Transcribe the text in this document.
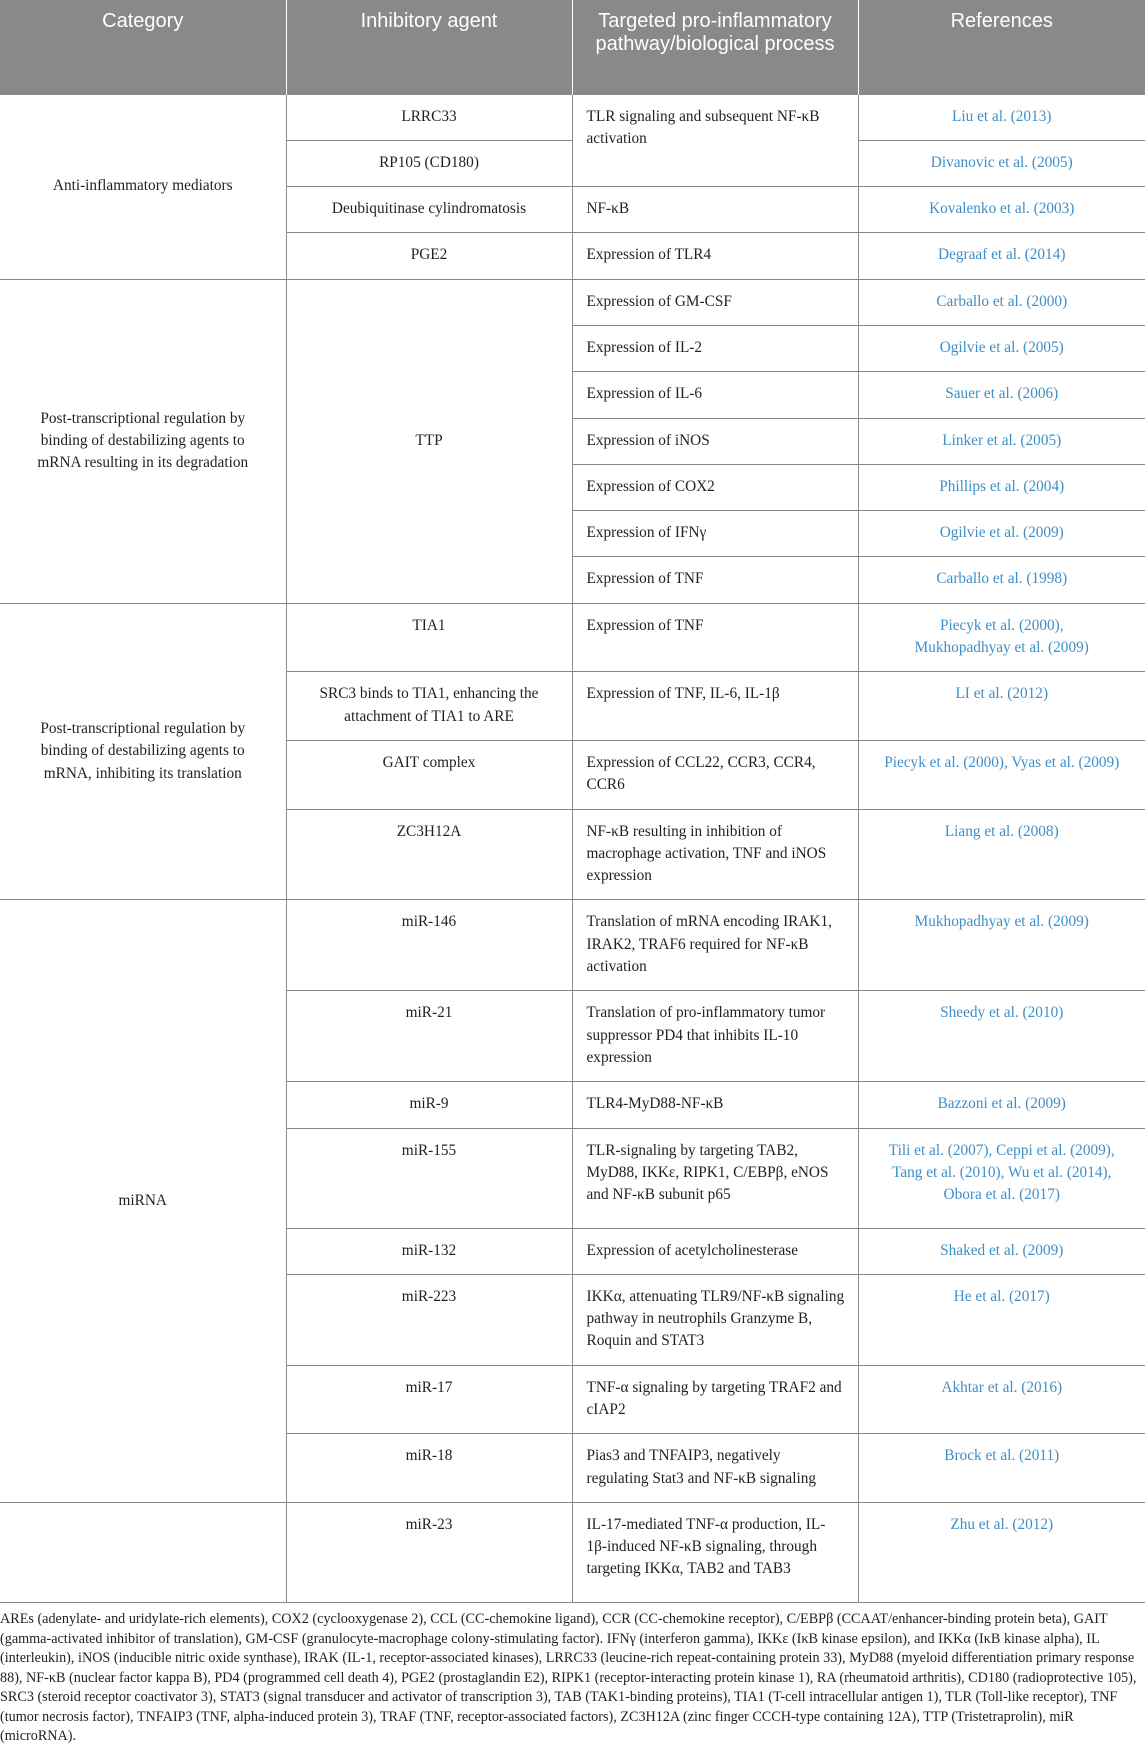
Category	Inhibitory agent	Targeted pro-inflammatory pathway/biological process	References
Anti-inflammatory mediators	LRRC33	TLR signaling and subsequent NF-κB activation	Liu et al. (2013)
	RP105 (CD180)		Divanovic et al. (2005)
	Deubiquitinase cylindromatosis	NF-κB	Kovalenko et al. (2003)
	PGE2	Expression of TLR4	Degraaf et al. (2014)
Post-transcriptional regulation by binding of destabilizing agents to mRNA resulting in its degradation	TTP	Expression of GM-CSF	Carballo et al. (2000)
		Expression of IL-2	Ogilvie et al. (2005)
		Expression of IL-6	Sauer et al. (2006)
		Expression of iNOS	Linker et al. (2005)
		Expression of COX2	Phillips et al. (2004)
		Expression of IFNγ	Ogilvie et al. (2009)
		Expression of TNF	Carballo et al. (1998)
Post-transcriptional regulation by binding of destabilizing agents to mRNA, inhibiting its translation	TIA1	Expression of TNF	Piecyk et al. (2000),
Mukhopadhyay et al. (2009)
	SRC3 binds to TIA1, enhancing the attachment of TIA1 to ARE	Expression of TNF, IL-6, IL-1β	LI et al. (2012)
	GAIT complex	Expression of CCL22, CCR3, CCR4, CCR6	Piecyk et al. (2000), Vyas et al. (2009)
	ZC3H12A	NF-κB resulting in inhibition of macrophage activation, TNF and iNOS expression	Liang et al. (2008)
miRNA	miR-146	Translation of mRNA encoding IRAK1, IRAK2, TRAF6 required for NF-κB activation	Mukhopadhyay et al. (2009)
	miR-21	Translation of pro-inflammatory tumor suppressor PD4 that inhibits IL-10 expression	Sheedy et al. (2010)
	miR-9	TLR4-MyD88-NF-κB	Bazzoni et al. (2009)
	miR-155	TLR-signaling by targeting TAB2, MyD88, IKKε, RIPK1, C/EBPβ, eNOS and NF-κB subunit p65	Tili et al. (2007), Ceppi et al. (2009),
Tang et al. (2010), Wu et al. (2014),
Obora et al. (2017)
	miR-132	Expression of acetylcholinesterase	Shaked et al. (2009)
	miR-223	IKKα, attenuating TLR9/NF-κB signaling pathway in neutrophils Granzyme B, Roquin and STAT3	He et al. (2017)
	miR-17	TNF-α signaling by targeting TRAF2 and cIAP2	Akhtar et al. (2016)
	miR-18	Pias3 and TNFAIP3, negatively regulating Stat3 and NF-κB signaling	Brock et al. (2011)
	miR-23	IL-17-mediated TNF-α production, IL-1β-induced NF-κB signaling, through targeting IKKα, TAB2 and TAB3	Zhu et al. (2012)
AREs (adenylate- and uridylate-rich elements), COX2 (cyclooxygenase 2), CCL (CC-chemokine ligand), CCR (CC-chemokine receptor), C/EBPβ (CCAAT/enhancer-binding protein beta), GAIT (gamma-activated inhibitor of translation), GM-CSF (granulocyte-macrophage colony-stimulating factor). IFNγ (interferon gamma), IKKε (IκB kinase epsilon), and IKKα (IκB kinase alpha), IL (interleukin), iNOS (inducible nitric oxide synthase), IRAK (IL-1, receptor-associated kinases), LRRC33 (leucine-rich repeat-containing protein 33), MyD88 (myeloid differentiation primary response 88), NF-κB (nuclear factor kappa B), PD4 (programmed cell death 4), PGE2 (prostaglandin E2), RIPK1 (receptor-interacting protein kinase 1), RA (rheumatoid arthritis), CD180 (radioprotective 105), SRC3 (steroid receptor coactivator 3), STAT3 (signal transducer and activator of transcription 3), TAB (TAK1-binding proteins), TIA1 (T-cell intracellular antigen 1), TLR (Toll-like receptor), TNF (tumor necrosis factor), TNFAIP3 (TNF, alpha-induced protein 3), TRAF (TNF, receptor-associated factors), ZC3H12A (zinc finger CCCH-type containing 12A), TTP (Tristetraprolin), miR (microRNA).
